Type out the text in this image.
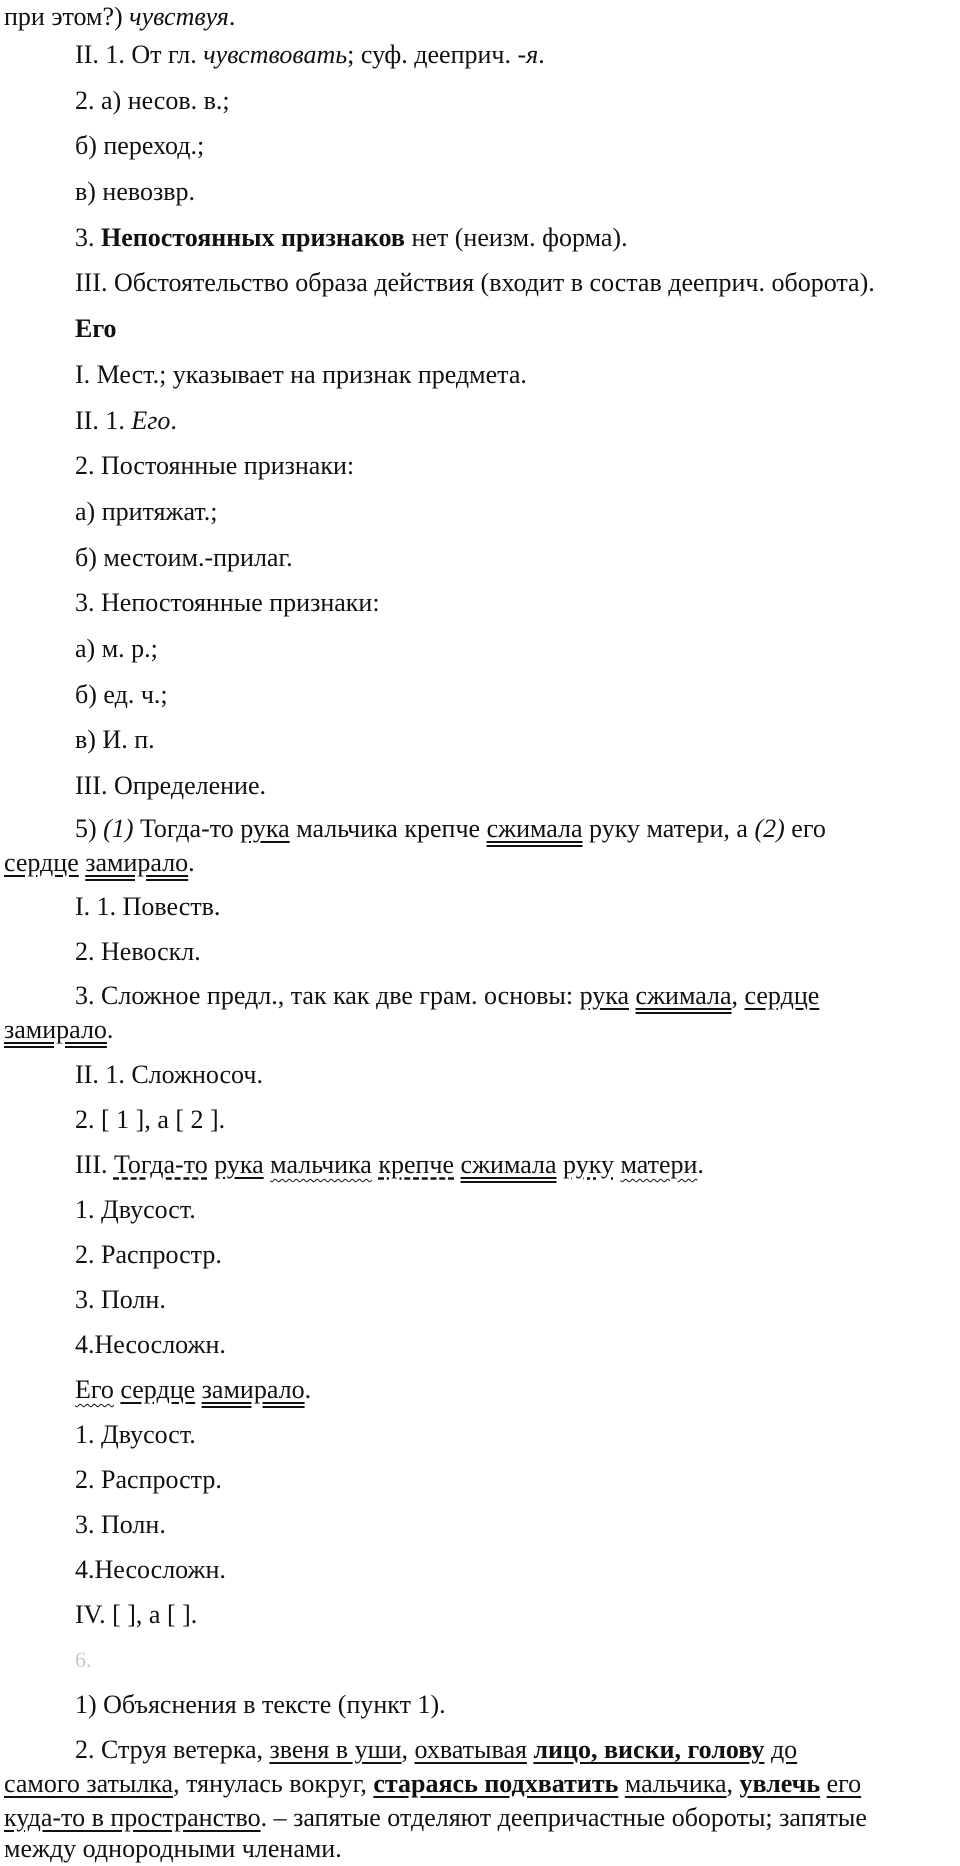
при этом?) чувствуя.
II. 1. От гл. чувствовать; суф. дееприч. -я.
2. а) несов. в.;
б) переход.;
в) невозвр.
3. Непостоянных признаков нет (неизм. форма).
III. Обстоятельство образа действия (входит в состав дееприч. оборота).
Его
I. Мест.; указывает на признак предмета.
II. 1. Его.
2. Постоянные признаки:
а) притяжат.;
б) местоим.-прилаг.
3. Непостоянные признаки:
а) м. р.;
б) ед. ч.;
в) И. п.
III. Определение.
5) (1) Тогда-то рука мальчика крепче сжимала руку матери, а (2) его
сердце замирало.
I. 1. Повеств.
2. Невоскл.
3. Сложное предл., так как две грам. основы: рука сжимала, сердце
замирало.
II. 1. Сложносоч.
2. [ 1 ], а [ 2 ].
III. Тогда-то рука мальчика крепче сжимала руку матери.
1. Двусост.
2. Распростр.
3. Полн.
4.Несосложн.
Его сердце замирало.
1. Двусост.
2. Распростр.
3. Полн.
4.Несосложн.
IV. [ ], а [ ].
6.
1) Объяснения в тексте (пункт 1).
2. Струя ветерка, звеня в уши, охватывая лицо, виски, голову до
самого затылка, тянулась вокруг, стараясь подхватить мальчика, увлечь его
куда-то в пространство. – запятые отделяют деепричастные обороты; запятые
между однородными членами.
